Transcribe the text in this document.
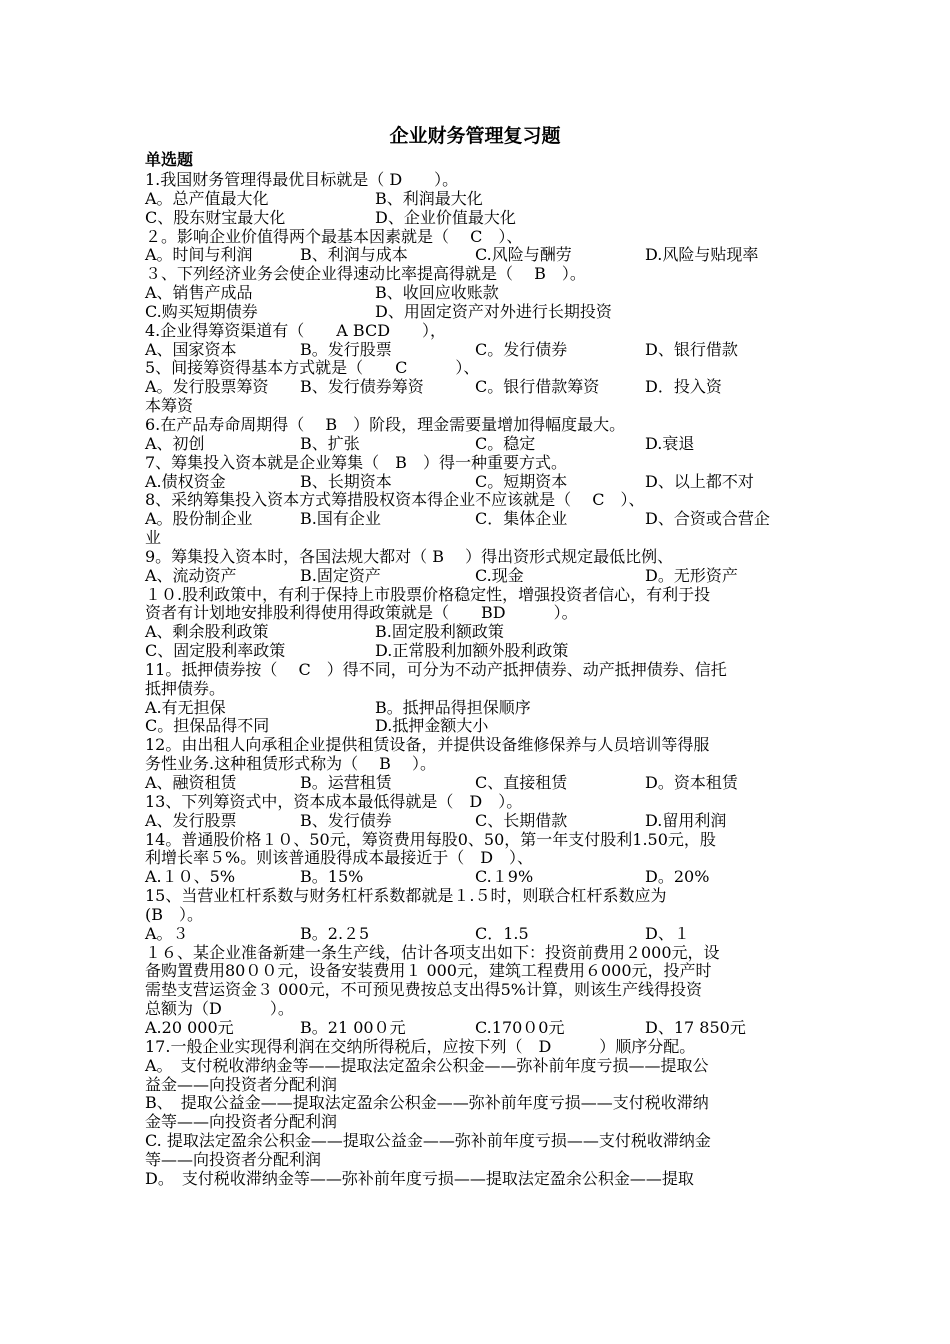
企业财务管理复习题
单选题
1.我国财务管理得最优目标就是（ D　　）。
A。总产值最大化	B、利润最大化
C、股东财宝最大化	D、企业价值最大化
２。影响企业价值得两个最基本因素就是（　 C　）、
A。时间与利润	B、利润与成本	C.风险与酬劳	D.风险与贴现率
３、下列经济业务会使企业得速动比率提高得就是（　 B　）。
A、销售产成品	B、收回应收账款
C.购买短期债券	D、用固定资产对外进行长期投资
4.企业得筹资渠道有（　　A BCD　　），
A、国家资本	B。发行股票	C。发行债券	D、银行借款
5、间接筹资得基本方式就是（　　C　　　）、
A。发行股票筹资 B、发行债券筹资	C。银行借款筹资	D．投入资
本筹资
6.在产品寿命周期得（　 B　）阶段，理金需要量增加得幅度最大。
A、初创	B、扩张	C。稳定	D.衰退
7、筹集投入资本就是企业筹集（　B　）得一种重要方式。
A.债权资金	B、长期资本	C。短期资本	D、以上都不对
8、采纳筹集投入资本方式筹措股权资本得企业不应该就是（　 C　）、
A。股份制企业	B.国有企业	C．集体企业	D、合资或合营企
业
9。筹集投入资本时，各国法规大都对（ B　 ）得出资形式规定最低比例、
A、流动资产	B.固定资产	C.现金	D。无形资产
１０.股利政策中，有利于保持上市股票价格稳定性，增强投资者信心，有利于投
资者有计划地安排股利得使用得政策就是（　　BD　　　）。
A、剩余股利政策	B.固定股利额政策
C、固定股利率政策	D.正常股利加额外股利政策
11。抵押债券按（　 C　）得不同，可分为不动产抵押债券、动产抵押债券、信托
抵押债券。
A.有无担保	B。抵押品得担保顺序
C。担保品得不同	D.抵押金额大小
12。由出租人向承租企业提供租赁设备，并提供设备维修保养与人员培训等得服
务性业务.这种租赁形式称为（　 B　 ）。
A、融资租赁	B。运营租赁	C、直接租赁	D。资本租赁
13、下列筹资式中，资本成本最低得就是（　D　）。
A、发行股票	B、发行债券	C、长期借款	D.留用利润
14。普通股价格１０、50元，筹资费用每股0、50，第一年支付股利1.50元，股
利增长率５%。则该普通股得成本最接近于（　D　）、
A.１０、5%	B。15%	C.１9%	D。20%
15、当营业杠杆系数与财务杠杆系数都就是１.５时，则联合杠杆系数应为
(B　）。
A。３	B。2.２5	C．1.5	D、１
１６、某企业准备新建一条生产线，估计各项支出如下：投资前费用２000元，设
备购置费用80００元，设备安装费用１ 000元，建筑工程费用６000元，投产时
需垫支营运资金３ 000元，不可预见费按总支出得5%计算，则该生产线得投资
总额为（D　　　）。
A.20 000元	B。21 00０元	C.170０0元	D、17 850元
17.一般企业实现得利润在交纳所得税后，应按下列（　D　　　）顺序分配。
A。　支付税收滞纳金等——提取法定盈余公积金——弥补前年度亏损——提取公
益金——向投资者分配利润
B、　提取公益金——提取法定盈余公积金——弥补前年度亏损——支付税收滞纳
金等——向投资者分配利润
C. 提取法定盈余公积金——提取公益金——弥补前年度亏损——支付税收滞纳金
等——向投资者分配利润
D。　支付税收滞纳金等——弥补前年度亏损——提取法定盈余公积金——提取
